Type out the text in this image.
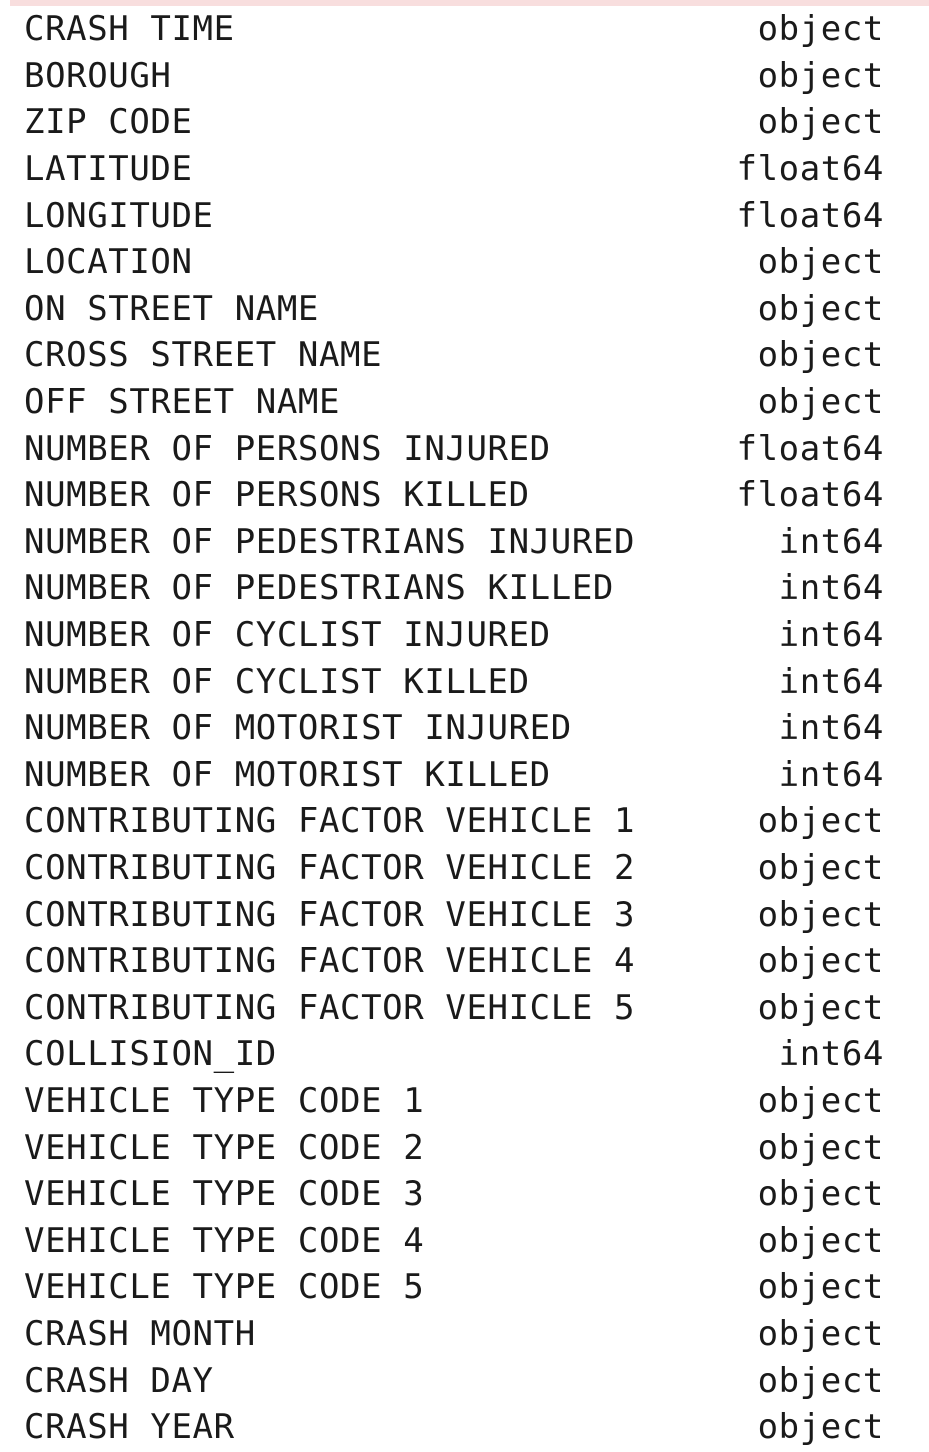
CRASH TIME	object
BOROUGH	object
ZIP CODE	object
LATITUDE	float64
LONGITUDE	float64
LOCATION	object
ON STREET NAME	object
CROSS STREET NAME	object
OFF STREET NAME	object
NUMBER OF PERSONS INJURED	float64
NUMBER OF PERSONS KILLED	float64
NUMBER OF PEDESTRIANS INJURED	int64
NUMBER OF PEDESTRIANS KILLED	int64
NUMBER OF CYCLIST INJURED	int64
NUMBER OF CYCLIST KILLED	int64
NUMBER OF MOTORIST INJURED	int64
NUMBER OF MOTORIST KILLED	int64
CONTRIBUTING FACTOR VEHICLE 1	object
CONTRIBUTING FACTOR VEHICLE 2	object
CONTRIBUTING FACTOR VEHICLE 3	object
CONTRIBUTING FACTOR VEHICLE 4	object
CONTRIBUTING FACTOR VEHICLE 5	object
COLLISION_ID	int64
VEHICLE TYPE CODE 1	object
VEHICLE TYPE CODE 2	object
VEHICLE TYPE CODE 3	object
VEHICLE TYPE CODE 4	object
VEHICLE TYPE CODE 5	object
CRASH MONTH	object
CRASH DAY	object
CRASH YEAR	object
